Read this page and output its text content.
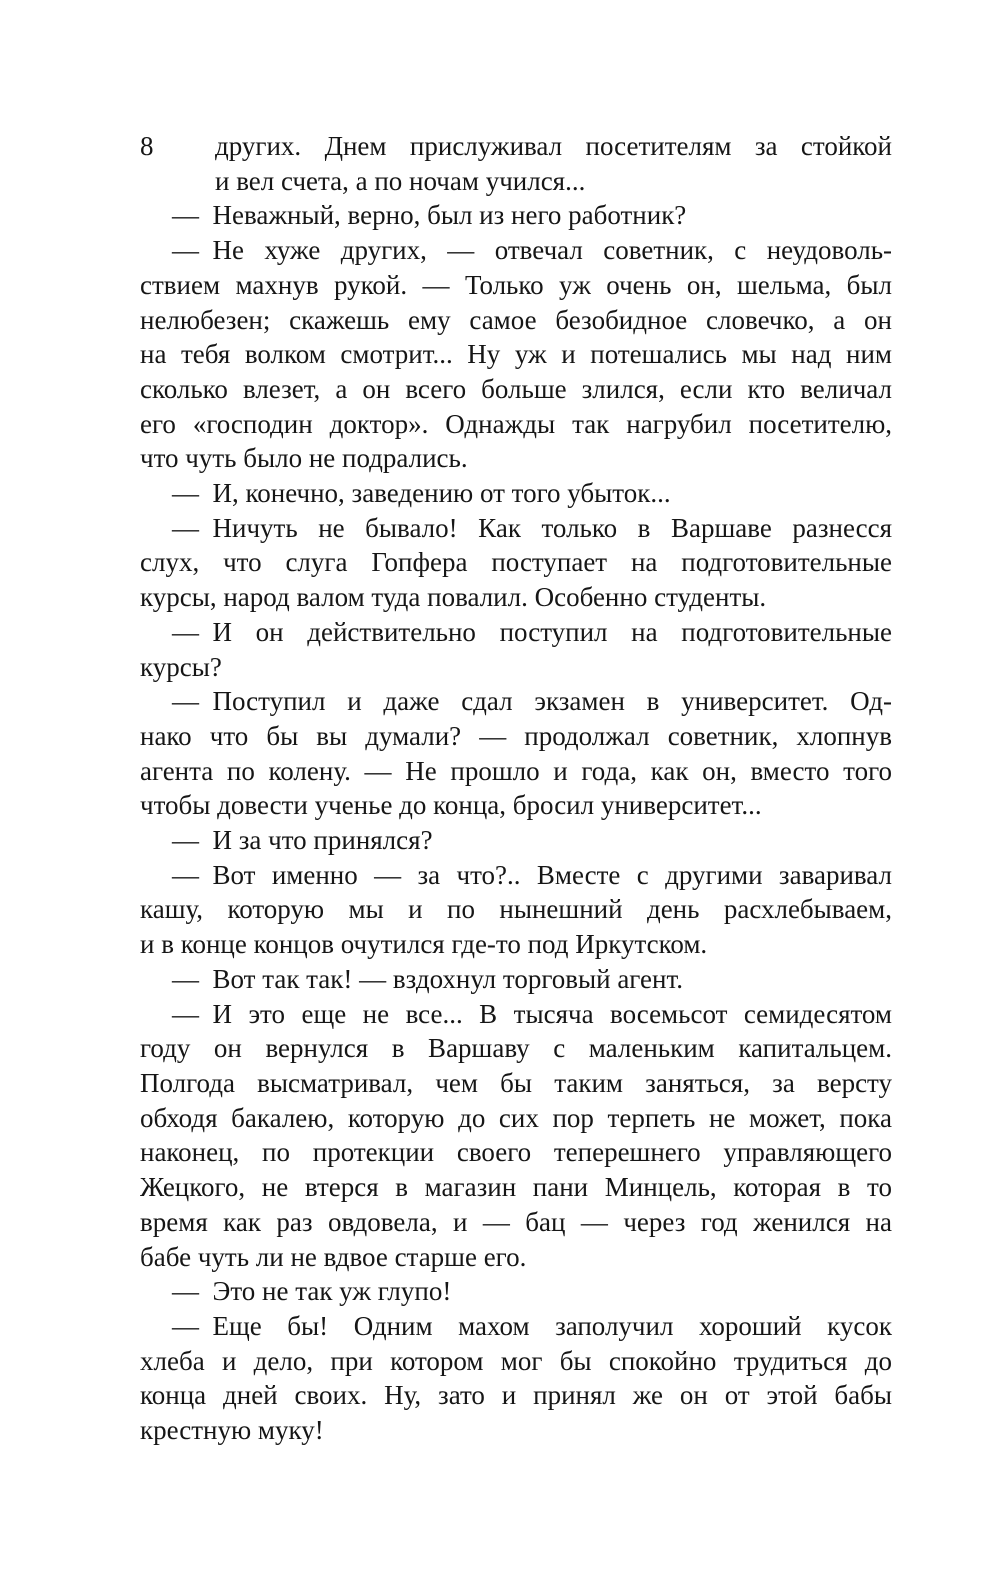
8	других. Днем прислуживал посетителям за стойкой
и вел счета, а по ночам учился...
— Неважный, верно, был из него работник?
— Не хуже других, — отвечал советник, с неудоволь-
ствием махнув рукой. — Только уж очень он, шельма, был
нелюбезен; скажешь ему самое безобидное словечко, а он
на тебя волком смотрит... Ну уж и потешались мы над ним
сколько влезет, а он всего больше злился, если кто величал
его «господин доктор». Однажды так нагрубил посетителю,
что чуть было не подрались.
— И, конечно, заведению от того убыток...
— Ничуть не бывало! Как только в Варшаве разнесся
слух, что слуга Гопфера поступает на подготовительные
курсы, народ валом туда повалил. Особенно студенты.
— И он действительно поступил на подготовительные
курсы?
— Поступил и даже сдал экзамен в университет. Од-
нако что бы вы думали? — продолжал советник, хлопнув
агента по колену. — Не прошло и года, как он, вместо того
чтобы довести ученье до конца, бросил университет...
— И за что принялся?
— Вот именно — за что?.. Вместе с другими заваривал
кашу, которую мы и по нынешний день расхлебываем,
и в конце концов очутился где-то под Иркутском.
— Вот так так! — вздохнул торговый агент.
— И это еще не все... В тысяча восемьсот семидесятом
году он вернулся в Варшаву с маленьким капитальцем.
Полгода высматривал, чем бы таким заняться, за версту
обходя бакалею, которую до сих пор терпеть не может, пока
наконец, по протекции своего теперешнего управляющего
Жецкого, не втерся в магазин пани Минцель, которая в то
время как раз овдовела, и — бац — через год женился на
бабе чуть ли не вдвое старше его.
— Это не так уж глупо!
— Еще бы! Одним махом заполучил хороший кусок
хлеба и дело, при котором мог бы спокойно трудиться до
конца дней своих. Ну, зато и принял же он от этой бабы
крестную муку!
